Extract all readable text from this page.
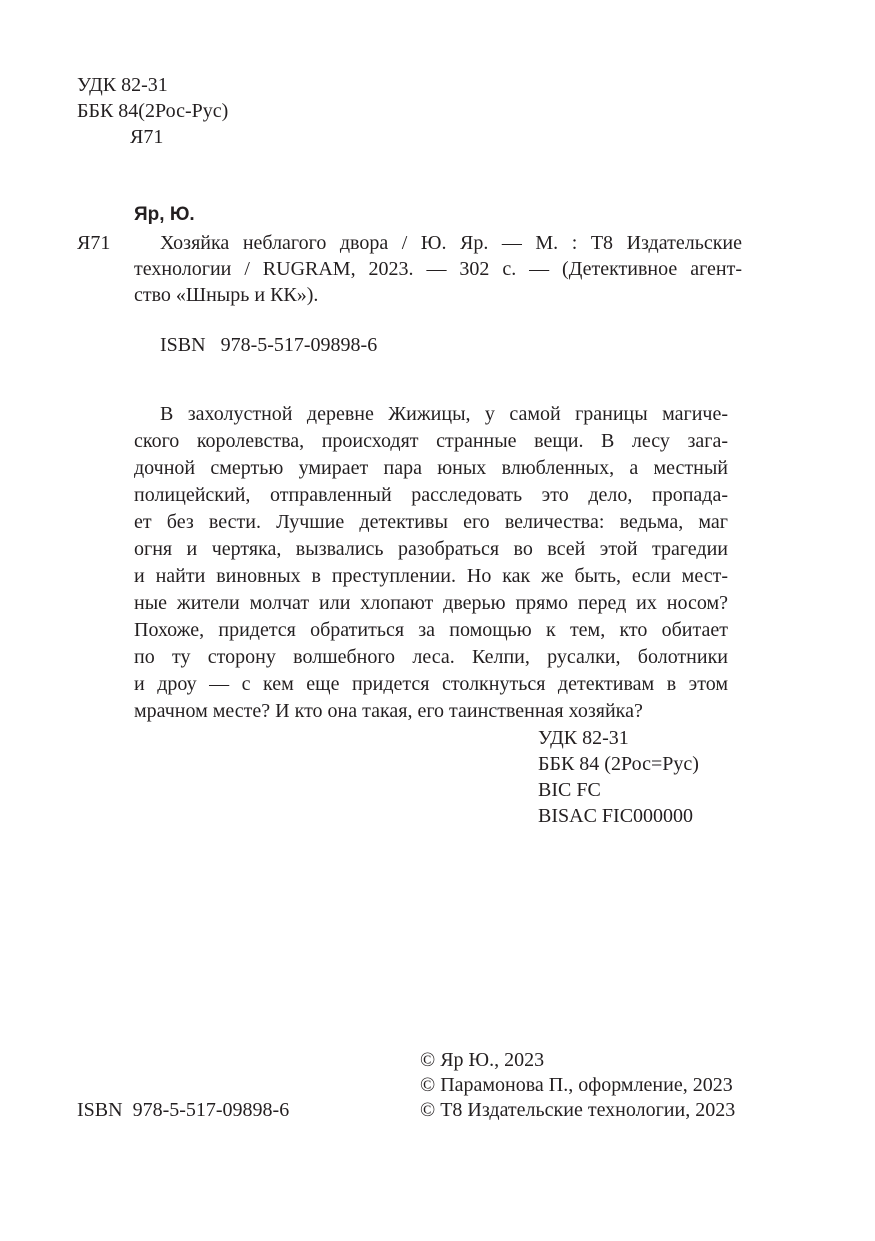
УДК 82-31
ББК 84(2Рос-Рус)
Я71
Яр, Ю.
Я71 Хозяйка неблагого двора / Ю. Яр. — М. : Т8 Издательские
технологии / RUGRAM, 2023. — 302 с. — (Детективное агент-
ство «Шнырь и КК»).
ISBN   978-5-517-09898-6
В захолустной деревне Жижицы, у самой границы магиче-
ского королевства, происходят странные вещи. В лесу зага-
дочной смертью умирает пара юных влюбленных, а местный
полицейский, отправленный расследовать это дело, пропада-
ет без вести. Лучшие детективы его величества: ведьма, маг
огня и чертяка, вызвались разобраться во всей этой трагедии
и найти виновных в преступлении. Но как же быть, если мест-
ные жители молчат или хлопают дверью прямо перед их носом?
Похоже, придется обратиться за помощью к тем, кто обитает
по ту сторону волшебного леса. Келпи, русалки, болотники
и дроу — с кем еще придется столкнуться детективам в этом
мрачном месте? И кто она такая, его таинственная хозяйка?
УДК 82-31
ББК 84 (2Рос=Рус)
BIC FC
BISAC FIC000000
© Яр Ю., 2023
© Парамонова П., оформление, 2023
© Т8 Издательские технологии, 2023
ISBN  978-5-517-09898-6
